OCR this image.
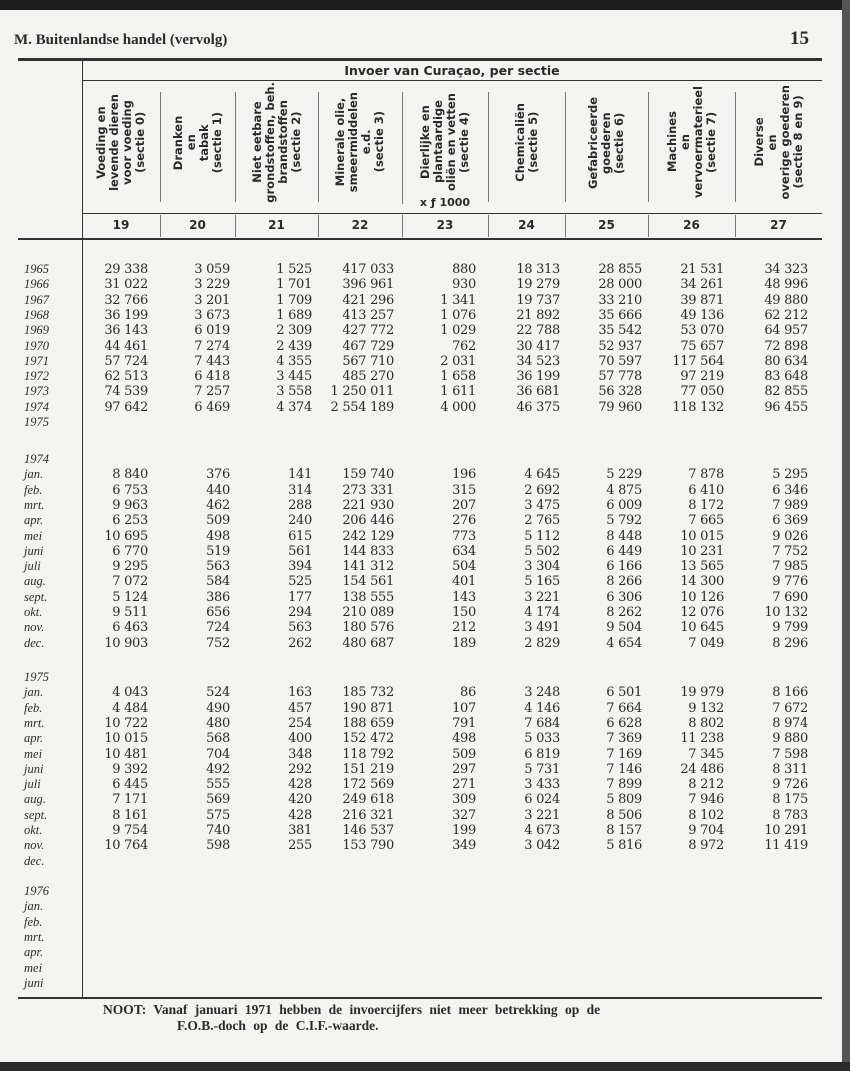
M. Buitenlandse handel (vervolg)	15
Invoer van Curaçao, per sectie
x ƒ 1000
Voeding en
levende dieren
voor voeding
(sectie 0)
19
Dranken
en
tabak
(sectie 1)
20
Niet eetbare
grondstoffen, beh.
brandstoffen
(sectie 2)
21
Minerale olie,
smeermiddelen
e.d.
(sectie 3)
22
Dierlijke en
plantaardige
oliën en vetten
(sectie 4)
23
Chemicaliën
(sectie 5)
24
Gefabriceerde
goederen
(sectie 6)
25
Machines
en
vervoermaterieel
(sectie 7)
26
Diverse
en
overige goederen
(sectie 8 en 9)
27
1965	29 338	3 059	1 525	417 033	880	18 313	28 855	21 531	34 323
1966	31 022	3 229	1 701	396 961	930	19 279	28 000	34 261	48 996
1967	32 766	3 201	1 709	421 296	1 341	19 737	33 210	39 871	49 880
1968	36 199	3 673	1 689	413 257	1 076	21 892	35 666	49 136	62 212
1969	36 143	6 019	2 309	427 772	1 029	22 788	35 542	53 070	64 957
1970	44 461	7 274	2 439	467 729	762	30 417	52 937	75 657	72 898
1971	57 724	7 443	4 355	567 710	2 031	34 523	70 597	117 564	80 634
1972	62 513	6 418	3 445	485 270	1 658	36 199	57 778	97 219	83 648
1973	74 539	7 257	3 558	1 250 011	1 611	36 681	56 328	77 050	82 855
1974	97 642	6 469	4 374	2 554 189	4 000	46 375	79 960	118 132	96 455
1975
1974
jan.	8 840	376	141	159 740	196	4 645	5 229	7 878	5 295
feb.	6 753	440	314	273 331	315	2 692	4 875	6 410	6 346
mrt.	9 963	462	288	221 930	207	3 475	6 009	8 172	7 989
apr.	6 253	509	240	206 446	276	2 765	5 792	7 665	6 369
mei	10 695	498	615	242 129	773	5 112	8 448	10 015	9 026
juni	6 770	519	561	144 833	634	5 502	6 449	10 231	7 752
juli	9 295	563	394	141 312	504	3 304	6 166	13 565	7 985
aug.	7 072	584	525	154 561	401	5 165	8 266	14 300	9 776
sept.	5 124	386	177	138 555	143	3 221	6 306	10 126	7 690
okt.	9 511	656	294	210 089	150	4 174	8 262	12 076	10 132
nov.	6 463	724	563	180 576	212	3 491	9 504	10 645	9 799
dec.	10 903	752	262	480 687	189	2 829	4 654	7 049	8 296
1975
jan.	4 043	524	163	185 732	86	3 248	6 501	19 979	8 166
feb.	4 484	490	457	190 871	107	4 146	7 664	9 132	7 672
mrt.	10 722	480	254	188 659	791	7 684	6 628	8 802	8 974
apr.	10 015	568	400	152 472	498	5 033	7 369	11 238	9 880
mei	10 481	704	348	118 792	509	6 819	7 169	7 345	7 598
juni	9 392	492	292	151 219	297	5 731	7 146	24 486	8 311
juli	6 445	555	428	172 569	271	3 433	7 899	8 212	9 726
aug.	7 171	569	420	249 618	309	6 024	5 809	7 946	8 175
sept.	8 161	575	428	216 321	327	3 221	8 506	8 102	8 783
okt.	9 754	740	381	146 537	199	4 673	8 157	9 704	10 291
nov.	10 764	598	255	153 790	349	3 042	5 816	8 972	11 419
dec.
1976
jan.
feb.
mrt.
apr.
mei
juni
NOOT: Vanaf januari 1971 hebben de invoercijfers niet meer betrekking op de
F.O.B.-doch op de C.I.F.-waarde.
